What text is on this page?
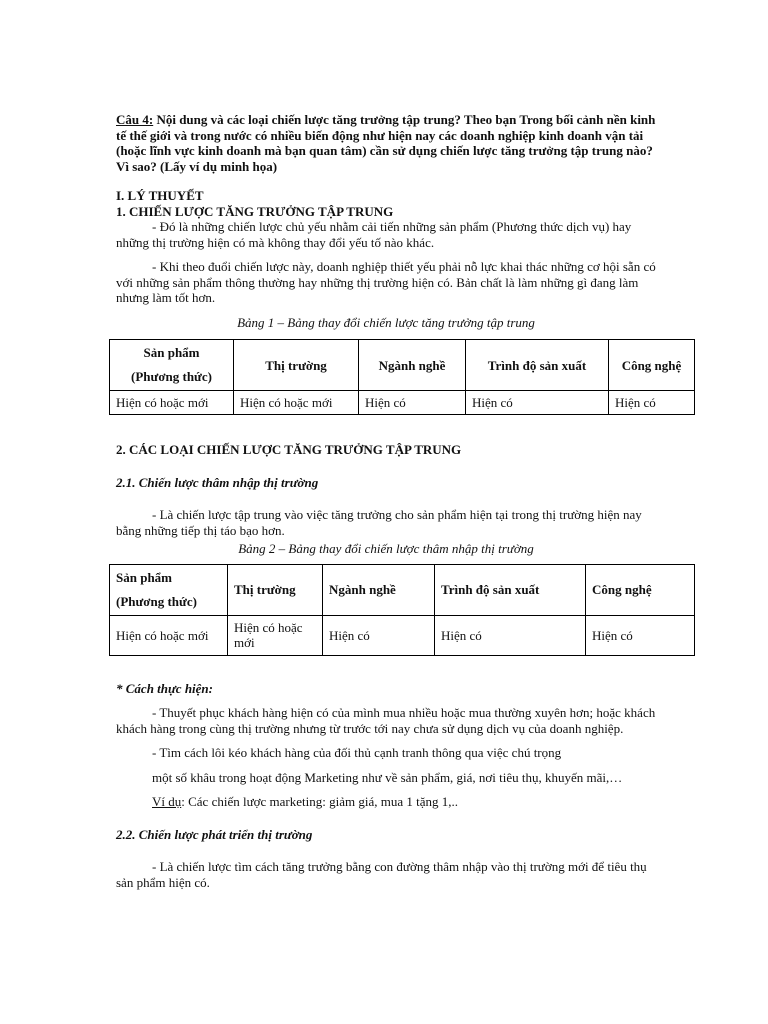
Câu 4: Nội dung và các loại chiến lược tăng trưởng tập trung? Theo bạn Trong bối cảnh nền kinh tế thế giới và trong nước có nhiều biến động như hiện nay các doanh nghiệp kinh doanh vận tải (hoặc lĩnh vực kinh doanh mà bạn quan tâm) cần sử dụng chiến lược tăng trưởng tập trung nào? Vì sao? (Lấy ví dụ minh họa)

I. LÝ THUYẾT

1. CHIẾN LƯỢC TĂNG TRƯỞNG TẬP TRUNG

- Đó là những chiến lược chủ yếu nhằm cải tiến những sản phẩm (Phương thức dịch vụ) hay những thị trường hiện có mà không thay đổi yếu tố nào khác.

- Khi theo đuổi chiến lược này, doanh nghiệp thiết yếu phải nỗ lực khai thác những cơ hội sẵn có với những sản phẩm thông thường hay những thị trường hiện có. Bản chất là làm những gì đang làm nhưng làm tốt hơn.

Bảng 1 – Bảng thay đổi chiến lược tăng trưởng tập trung

Sản phẩm
(Phương thức)	Thị trường	Ngành nghề	Trình độ sản xuất	Công nghệ
Hiện có hoặc mới	Hiện có hoặc mới	Hiện có	Hiện có	Hiện có

2. CÁC LOẠI CHIẾN LƯỢC TĂNG TRƯỞNG TẬP TRUNG

2.1. Chiến lược thâm nhập thị trường

- Là chiến lược tập trung vào việc tăng trưởng cho sản phẩm hiện tại trong thị trường hiện nay bằng những tiếp thị táo bạo hơn.

Bảng 2 – Bảng thay đổi chiến lược thâm nhập thị trường

Sản phẩm
(Phương thức)	Thị trường	Ngành nghề	Trình độ sản xuất	Công nghệ
Hiện có hoặc mới	Hiện có hoặc mới	Hiện có	Hiện có	Hiện có

* Cách thực hiện:

- Thuyết phục khách hàng hiện có của mình mua nhiều hoặc mua thường xuyên hơn; hoặc khách khách hàng trong cùng thị trường nhưng từ trước tới nay chưa sử dụng dịch vụ của doanh nghiệp.

- Tìm cách lôi kéo khách hàng của đối thủ cạnh tranh thông qua việc chú trọng

một số khâu trong hoạt động Marketing như về sản phẩm, giá, nơi tiêu thụ, khuyến mãi,…

Ví dụ: Các chiến lược marketing: giảm giá, mua 1 tặng 1,..

2.2. Chiến lược phát triển thị trường

- Là chiến lược tìm cách tăng trưởng bằng con đường thâm nhập vào thị trường mới để tiêu thụ sản phẩm hiện có.
